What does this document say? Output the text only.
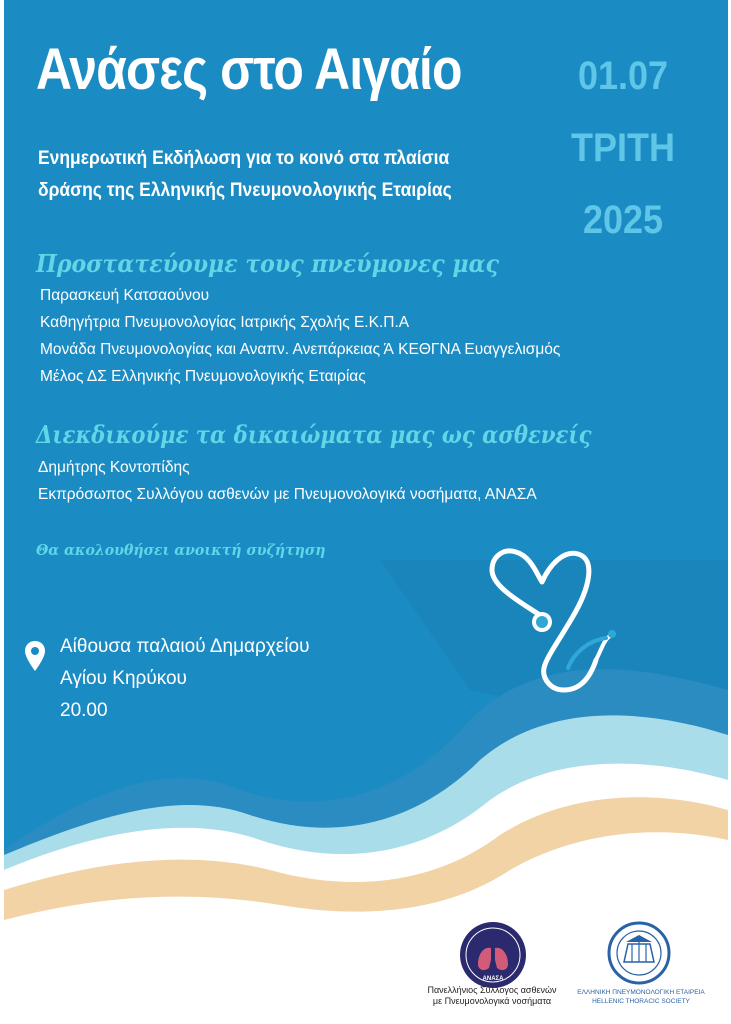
Ανάσες στο Αιγαίο
Ενημερωτική Εκδήλωση για το κοινό στα πλαίσια
δράσης της Ελληνικής Πνευμονολογικής Εταιρίας
01.07
ΤΡΙΤΗ
2025
Προστατεύουμε τους πνεύμονες μας
Παρασκευή Κατσαούνου
Καθηγήτρια Πνευμονολογίας Ιατρικής Σχολής Ε.Κ.Π.Α
Μονάδα Πνευμονολογίας και Αναπν. Ανεπάρκειας Ά ΚΕΘΓΝΑ Ευαγγελισμός
Μέλος ΔΣ Ελληνικής Πνευμονολογικής Εταιρίας
Διεκδικούμε τα δικαιώματα μας ως ασθενείς
Δημήτρης Κοντοπίδης
Εκπρόσωπος Συλλόγου ασθενών με Πνευμονολογικά νοσήματα, ΑΝΑΣΑ
Θα ακολουθήσει ανοικτή συζήτηση
Αίθουσα παλαιού Δημαρχείου
Αγίου Κηρύκου
20.00
ΑΝΑΣΑ
Πανελλήνιος Σύλλογος ασθενών
με Πνευμονολογικά νοσήματα
ΕΛΛΗΝΙΚΗ ΠΝΕΥΜΟΝΟΛΟΓΙΚΗ ΕΤΑΙΡΕΙΑ
HELLENIC THORACIC SOCIETY
